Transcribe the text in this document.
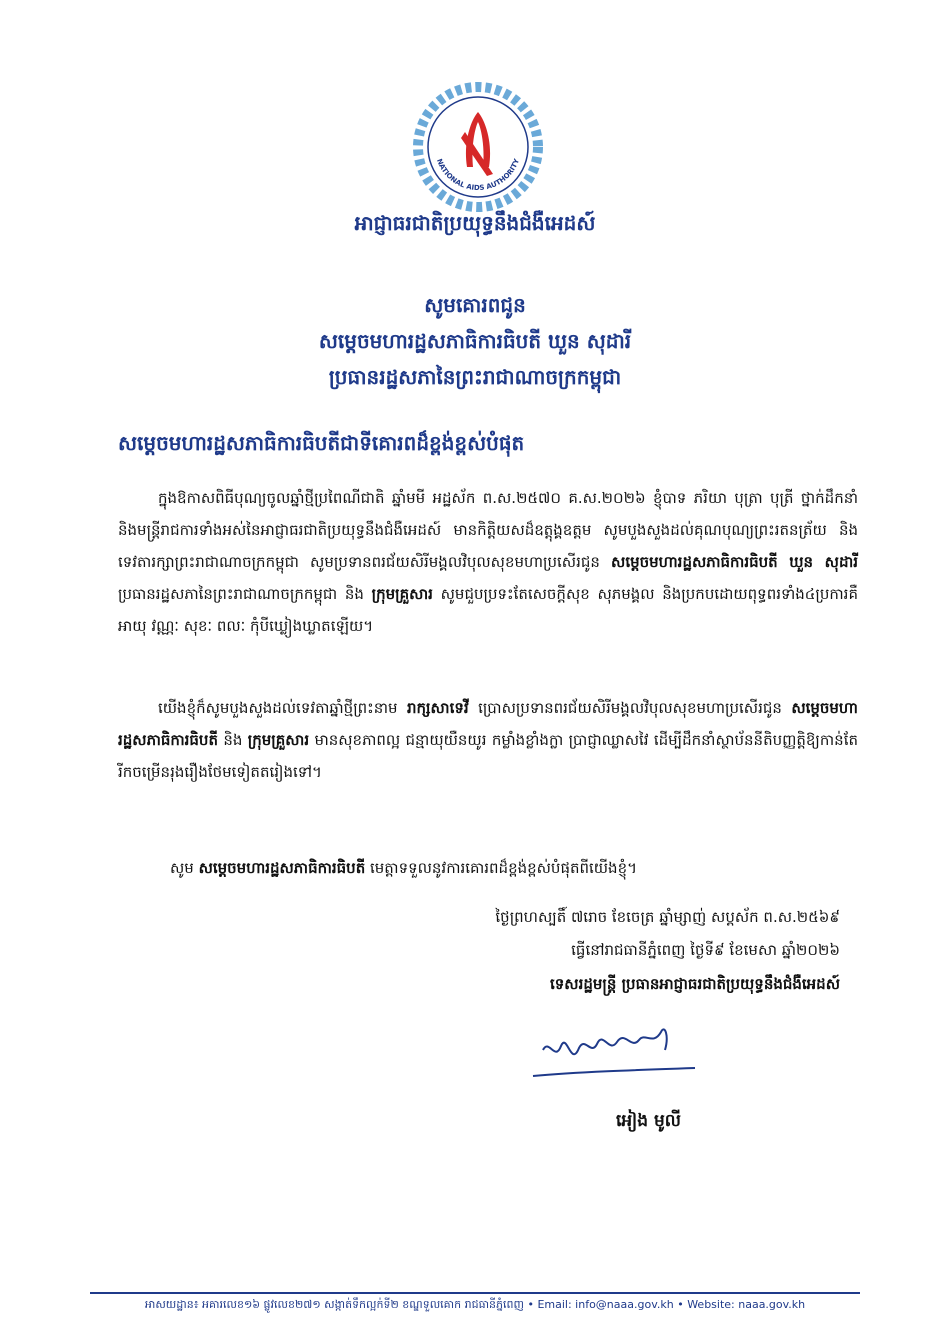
NATIONAL AIDS AUTHORITY
អាជ្ញាធរជាតិប្រយុទ្ធនឹងជំងឺអេដស៍
សូមគោរពជូន
សម្តេចមហារដ្ឋសភាធិការធិបតី ឃួន សុដារី
ប្រធានរដ្ឋសភានៃព្រះរាជាណាចក្រកម្ពុជា
សម្តេចមហារដ្ឋសភាធិការធិបតីជាទីគោរពដ៏ខ្ពង់ខ្ពស់បំផុត

ក្នុងឱកាសពិធីបុណ្យចូលឆ្នាំថ្មីប្រពៃណីជាតិ ឆ្នាំមមី អដ្ឋស័ក ព.ស.២៥៧០ គ.ស.២០២៦ ខ្ញុំបាទ ភរិយា បុត្រា បុត្រី ថ្នាក់ដឹកនាំ និងមន្ត្រីរាជការទាំងអស់នៃអាជ្ញាធរជាតិប្រយុទ្ធនឹងជំងឺអេដស៍ មានកិត្តិយសដ៏ឧត្តុង្គឧត្តម សូមបួងសួងដល់គុណបុណ្យព្រះរតនត្រ័យ និងទេវតារក្សាព្រះរាជាណាចក្រកម្ពុជា សូមប្រទានពរជ័យសិរីមង្គលវិបុលសុខមហាប្រសើរជូន សម្តេចមហារដ្ឋសភាធិការធិបតី ឃួន សុដារី ប្រធានរដ្ឋសភានៃព្រះរាជាណាចក្រកម្ពុជា និង ក្រុមគ្រួសារ សូមជួបប្រទះតែសេចក្តីសុខ សុភមង្គល និងប្រកបដោយពុទ្ធពរទាំង៤ប្រការគឺ អាយុ វណ្ណៈ សុខៈ ពលៈ កុំបីឃ្លៀងឃ្លាតឡើយ។

យើងខ្ញុំក៏សូមបួងសួងដល់ទេវតាឆ្នាំថ្មីព្រះនាម រាក្សសាទេវី ប្រោសប្រទានពរជ័យសិរីមង្គលវិបុលសុខមហាប្រសើរជូន សម្តេចមហារដ្ឋសភាធិការធិបតី និង ក្រុមគ្រួសារ មានសុខភាពល្អ ជន្មាយុយឺនយូរ កម្លាំងខ្លាំងក្លា ប្រាជ្ញាឈ្លាសវៃ ដើម្បីដឹកនាំស្ថាប័ននីតិបញ្ញត្តិឱ្យកាន់តែរីកចម្រើនរុងរឿងថែមទៀតតរៀងទៅ។

សូម សម្តេចមហារដ្ឋសភាធិការធិបតី មេត្តាទទួលនូវការគោរពដ៏ខ្ពង់ខ្ពស់បំផុតពីយើងខ្ញុំ។

ថ្ងៃព្រហស្បតិ៍ ៧រោច ខែចេត្រ ឆ្នាំម្សាញ់ សប្តស័ក ព.ស.២៥៦៩
ធ្វើនៅរាជធានីភ្នំពេញ ថ្ងៃទី៩ ខែមេសា ឆ្នាំ២០២៦
ទេសរដ្ឋមន្ត្រី ប្រធានអាជ្ញាធរជាតិប្រយុទ្ធនឹងជំងឺអេដស៍
អៀង មូលី
អាសយដ្ឋាន៖ អគារលេខ១៦ ផ្លូវលេខ២៧១ សង្កាត់ទឹកល្អក់ទី២ ខណ្ឌទួលគោក រាជធានីភ្នំពេញ • Email: info@naaa.gov.kh • Website: naaa.gov.kh
